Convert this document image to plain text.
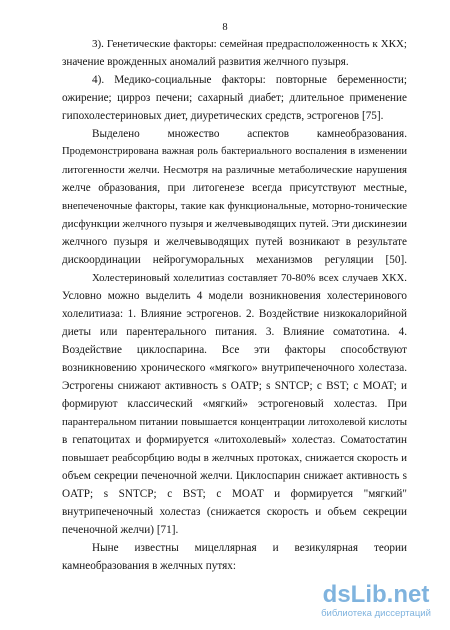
8
3). Генетические факторы: семейная предрасположенность к ХКХ;
значение врожденных аномалий развития желчного пузыря.
4). Медико-социальные факторы: повторные беременности;
ожирение; цирроз печени; сахарный диабет; длительное применение
гипохолестериновых диет, диуретических средств, эстрогенов [75].
Выделено множество аспектов камнеобразования.
Продемонстрирована важная роль бактериального воспаления в изменении
литогенности желчи. Несмотря на различные метаболические нарушения
желче образования, при литогенезе всегда присутствуют местные,
внепеченочные факторы, такие как функциональные, моторно-тонические
дисфункции желчного пузыря и желчевыводящих путей. Эти дискинезии
желчного пузыря и желчевыводящих путей возникают в результате
дискоординации нейрогуморальных механизмов регуляции [50].
Холестериновый холелитиаз составляет 70-80% всех случаев ХКХ.
Условно можно выделить 4 модели возникновения холестеринового
холелитиаза: 1. Влияние эстрогенов. 2. Воздействие низкокалорийной
диеты или парентерального питания. 3. Влияние соматотина. 4.
Воздействие циклоспарина. Все эти факторы способствуют
возникновению хронического «мягкого» внутрипеченочного холестаза.
Эстрогены снижают активность s OATP; s SNTCP; c BST; c MOAT; и
формируют классический «мягкий» эстрогеновый холестаз. При
парантеральном питании повышается концентрации литохолевой кислоты
в гепатоцитах и формируется «литохолевый» холестаз. Соматостатин
повышает реабсорбцию воды в желчных протоках, снижается скорость и
объем секреции печеночной желчи. Циклоспарин снижает активность s
OATP; s SNTCP; c BST; c MOAT и формируется "мягкий"
внутрипеченочный холестаз (снижается скорость и объем секреции
печеночной желчи) [71].
Ныне известны мицеллярная и везикулярная теории
камнеобразования в желчных путях:
dsLib.net
библиотека диссертаций
